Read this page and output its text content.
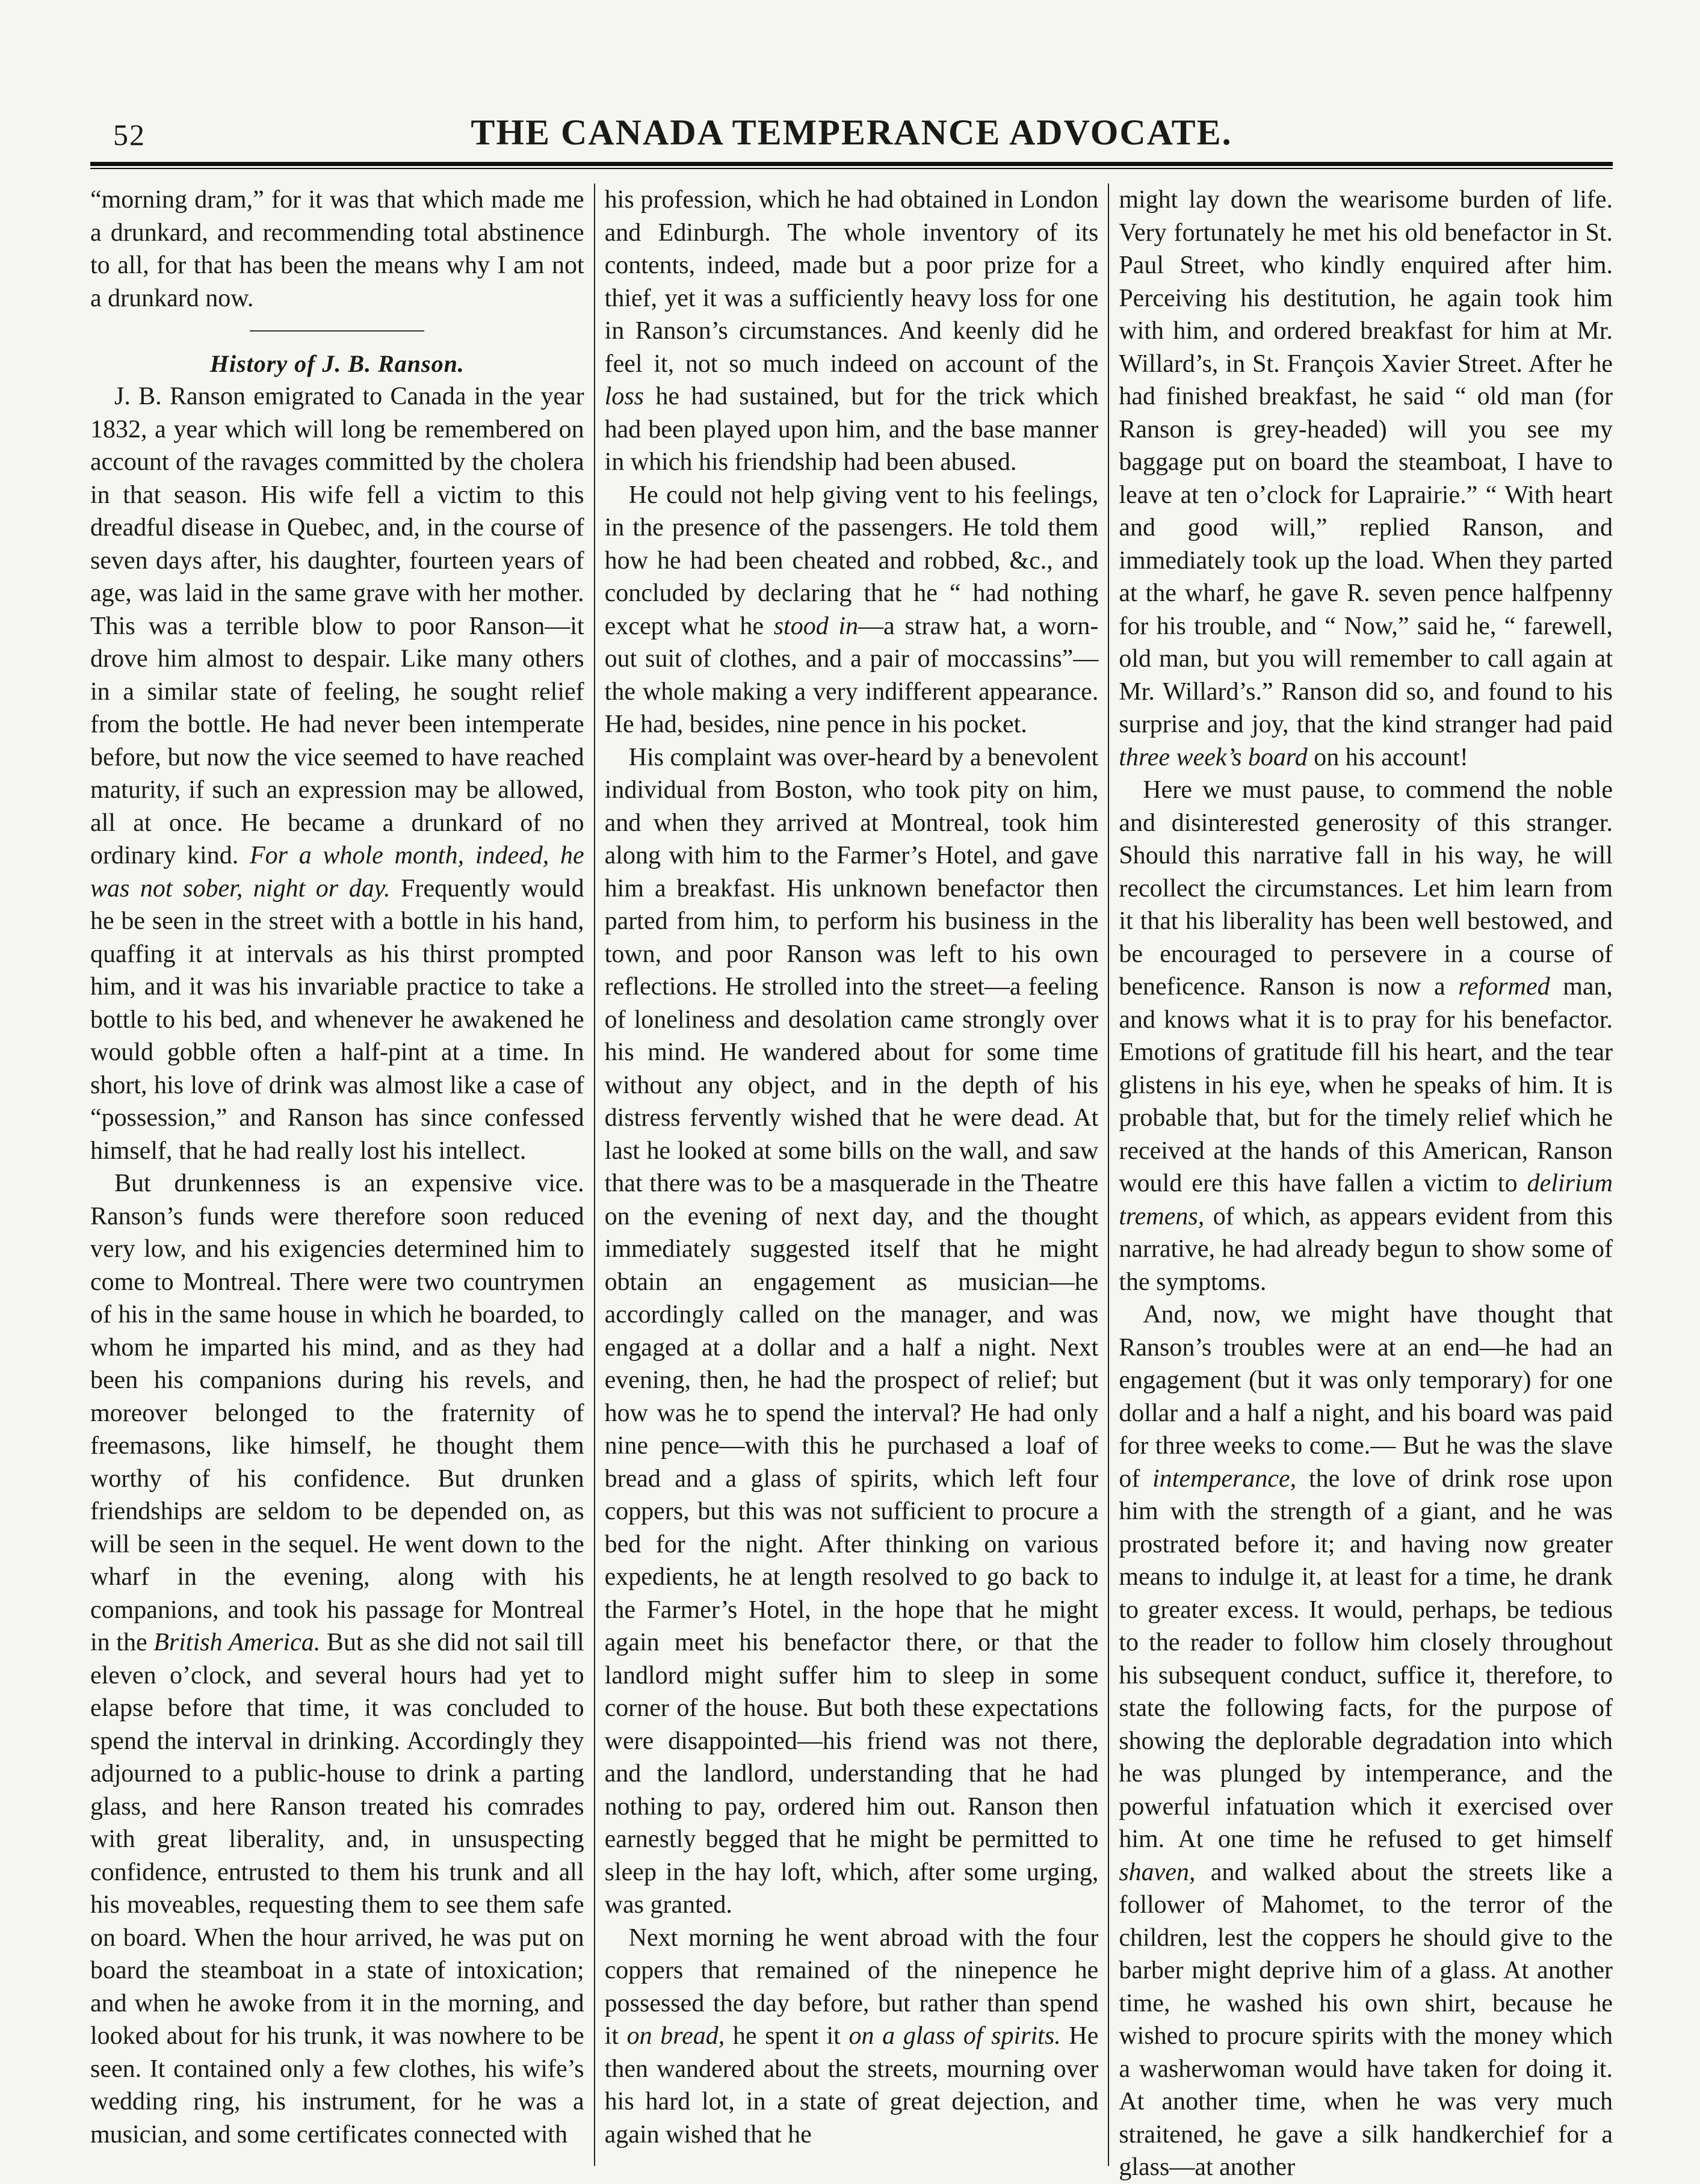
52	THE CANADA TEMPERANCE ADVOCATE.

“morning dram,” for it was that which made me a drunkard, and recommending total abstinence to all, for that has been the means why I am not a drunkard now.

History of J. B. Ranson.

J. B. Ranson emigrated to Canada in the year 1832, a year which will long be remembered on account of the ravages committed by the cholera in that season. His wife fell a victim to this dreadful disease in Quebec, and, in the course of seven days after, his daughter, fourteen years of age, was laid in the same grave with her mother. This was a terrible blow to poor Ranson—it drove him almost to despair. Like many others in a similar state of feeling, he sought relief from the bottle. He had never been intemperate before, but now the vice seemed to have reached maturity, if such an expression may be allowed, all at once. He became a drunkard of no ordinary kind. For a whole month, indeed, he was not sober, night or day. Frequently would he be seen in the street with a bottle in his hand, quaffing it at intervals as his thirst prompted him, and it was his invariable practice to take a bottle to his bed, and whenever he awakened he would gobble often a half-pint at a time. In short, his love of drink was almost like a case of “possession,” and Ranson has since confessed himself, that he had really lost his intellect.

But drunkenness is an expensive vice. Ranson’s funds were therefore soon reduced very low, and his exigencies determined him to come to Montreal. There were two countrymen of his in the same house in which he boarded, to whom he imparted his mind, and as they had been his companions during his revels, and moreover belonged to the fraternity of freemasons, like himself, he thought them worthy of his confidence. But drunken friendships are seldom to be depended on, as will be seen in the sequel. He went down to the wharf in the evening, along with his companions, and took his passage for Montreal in the British America. But as she did not sail till eleven o’clock, and several hours had yet to elapse before that time, it was concluded to spend the interval in drinking. Accordingly they adjourned to a public-house to drink a parting glass, and here Ranson treated his comrades with great liberality, and, in unsuspecting confidence, entrusted to them his trunk and all his moveables, requesting them to see them safe on board. When the hour arrived, he was put on board the steamboat in a state of intoxication; and when he awoke from it in the morning, and looked about for his trunk, it was nowhere to be seen. It contained only a few clothes, his wife’s wedding ring, his instrument, for he was a musician, and some certificates connected with

his profession, which he had obtained in London and Edinburgh. The whole inventory of its contents, indeed, made but a poor prize for a thief, yet it was a sufficiently heavy loss for one in Ranson’s circumstances. And keenly did he feel it, not so much indeed on account of the loss he had sustained, but for the trick which had been played upon him, and the base manner in which his friendship had been abused.

He could not help giving vent to his feelings, in the presence of the passengers. He told them how he had been cheated and robbed, &c., and concluded by declaring that he “ had nothing except what he stood in—a straw hat, a worn-out suit of clothes, and a pair of moccassins”—the whole making a very indifferent appearance. He had, besides, nine pence in his pocket.

His complaint was over-heard by a benevolent individual from Boston, who took pity on him, and when they arrived at Montreal, took him along with him to the Farmer’s Hotel, and gave him a breakfast. His unknown benefactor then parted from him, to perform his business in the town, and poor Ranson was left to his own reflections. He strolled into the street—a feeling of loneliness and desolation came strongly over his mind. He wandered about for some time without any object, and in the depth of his distress fervently wished that he were dead. At last he looked at some bills on the wall, and saw that there was to be a masquerade in the Theatre on the evening of next day, and the thought immediately suggested itself that he might obtain an engagement as musician—he accordingly called on the manager, and was engaged at a dollar and a half a night. Next evening, then, he had the prospect of relief; but how was he to spend the interval? He had only nine pence—with this he purchased a loaf of bread and a glass of spirits, which left four coppers, but this was not sufficient to procure a bed for the night. After thinking on various expedients, he at length resolved to go back to the Farmer’s Hotel, in the hope that he might again meet his benefactor there, or that the landlord might suffer him to sleep in some corner of the house. But both these expectations were disappointed—his friend was not there, and the landlord, understanding that he had nothing to pay, ordered him out. Ranson then earnestly begged that he might be permitted to sleep in the hay loft, which, after some urging, was granted.

Next morning he went abroad with the four coppers that remained of the ninepence he possessed the day before, but rather than spend it on bread, he spent it on a glass of spirits. He then wandered about the streets, mourning over his hard lot, in a state of great dejection, and again wished that he

might lay down the wearisome burden of life. Very fortunately he met his old benefactor in St. Paul Street, who kindly enquired after him. Perceiving his destitution, he again took him with him, and ordered breakfast for him at Mr. Willard’s, in St. François Xavier Street. After he had finished breakfast, he said “ old man (for Ranson is grey-headed) will you see my baggage put on board the steamboat, I have to leave at ten o’clock for Laprairie.” “ With heart and good will,” replied Ranson, and immediately took up the load. When they parted at the wharf, he gave R. seven pence halfpenny for his trouble, and “ Now,” said he, “ farewell, old man, but you will remember to call again at Mr. Willard’s.” Ranson did so, and found to his surprise and joy, that the kind stranger had paid three week’s board on his account!

Here we must pause, to commend the noble and disinterested generosity of this stranger. Should this narrative fall in his way, he will recollect the circumstances. Let him learn from it that his liberality has been well bestowed, and be encouraged to persevere in a course of beneficence. Ranson is now a reformed man, and knows what it is to pray for his benefactor. Emotions of gratitude fill his heart, and the tear glistens in his eye, when he speaks of him. It is probable that, but for the timely relief which he received at the hands of this American, Ranson would ere this have fallen a victim to delirium tremens, of which, as appears evident from this narrative, he had already begun to show some of the symptoms.

And, now, we might have thought that Ranson’s troubles were at an end—he had an engagement (but it was only temporary) for one dollar and a half a night, and his board was paid for three weeks to come.— But he was the slave of intemperance, the love of drink rose upon him with the strength of a giant, and he was prostrated before it; and having now greater means to indulge it, at least for a time, he drank to greater excess. It would, perhaps, be tedious to the reader to follow him closely throughout his subsequent conduct, suffice it, therefore, to state the following facts, for the purpose of showing the deplorable degradation into which he was plunged by intemperance, and the powerful infatuation which it exercised over him. At one time he refused to get himself shaven, and walked about the streets like a follower of Mahomet, to the terror of the children, lest the coppers he should give to the barber might deprive him of a glass. At another time, he washed his own shirt, because he wished to procure spirits with the money which a washerwoman would have taken for doing it. At another time, when he was very much straitened, he gave a silk handkerchief for a glass—at another
